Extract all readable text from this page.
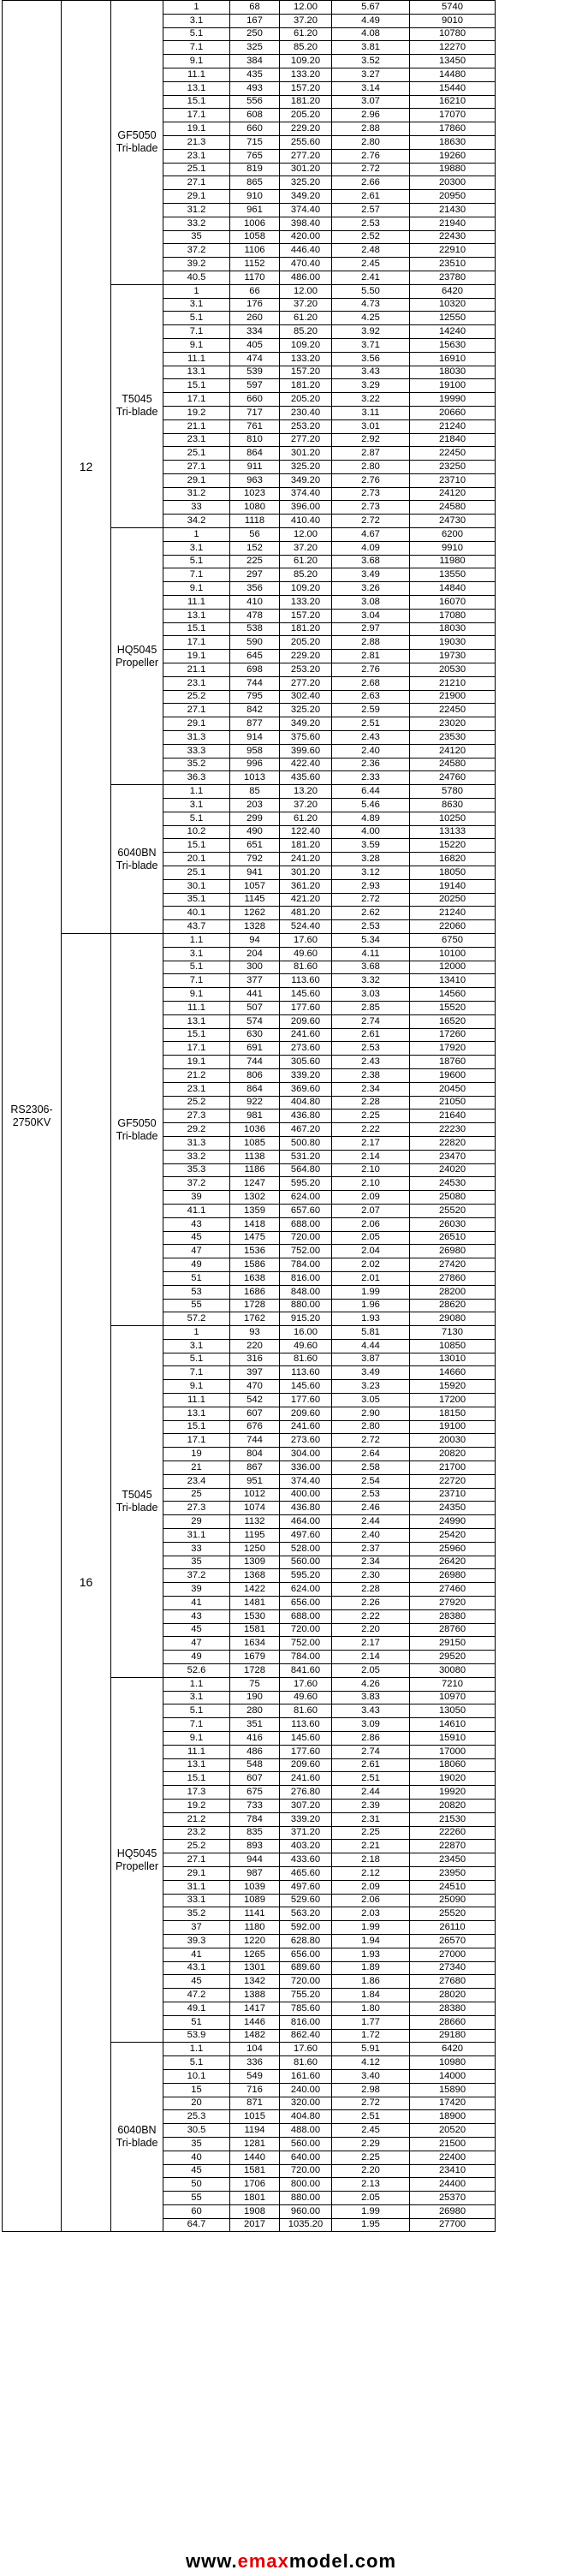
RS2306-
2750KV	12	GF5050
Tri-blade	1	68	12.00	5.67	5740
			3.1	167	37.20	4.49	9010
			5.1	250	61.20	4.08	10780
			7.1	325	85.20	3.81	12270
			9.1	384	109.20	3.52	13450
			11.1	435	133.20	3.27	14480
			13.1	493	157.20	3.14	15440
			15.1	556	181.20	3.07	16210
			17.1	608	205.20	2.96	17070
			19.1	660	229.20	2.88	17860
			21.3	715	255.60	2.80	18630
			23.1	765	277.20	2.76	19260
			25.1	819	301.20	2.72	19880
			27.1	865	325.20	2.66	20300
			29.1	910	349.20	2.61	20950
			31.2	961	374.40	2.57	21430
			33.2	1006	398.40	2.53	21940
			35	1058	420.00	2.52	22430
			37.2	1106	446.40	2.48	22910
			39.2	1152	470.40	2.45	23510
			40.5	1170	486.00	2.41	23780
		T5045
Tri-blade	1	66	12.00	5.50	6420
			3.1	176	37.20	4.73	10320
			5.1	260	61.20	4.25	12550
			7.1	334	85.20	3.92	14240
			9.1	405	109.20	3.71	15630
			11.1	474	133.20	3.56	16910
			13.1	539	157.20	3.43	18030
			15.1	597	181.20	3.29	19100
			17.1	660	205.20	3.22	19990
			19.2	717	230.40	3.11	20660
			21.1	761	253.20	3.01	21240
			23.1	810	277.20	2.92	21840
			25.1	864	301.20	2.87	22450
			27.1	911	325.20	2.80	23250
			29.1	963	349.20	2.76	23710
			31.2	1023	374.40	2.73	24120
			33	1080	396.00	2.73	24580
			34.2	1118	410.40	2.72	24730
		HQ5045
Propeller	1	56	12.00	4.67	6200
			3.1	152	37.20	4.09	9910
			5.1	225	61.20	3.68	11980
			7.1	297	85.20	3.49	13550
			9.1	356	109.20	3.26	14840
			11.1	410	133.20	3.08	16070
			13.1	478	157.20	3.04	17080
			15.1	538	181.20	2.97	18030
			17.1	590	205.20	2.88	19030
			19.1	645	229.20	2.81	19730
			21.1	698	253.20	2.76	20530
			23.1	744	277.20	2.68	21210
			25.2	795	302.40	2.63	21900
			27.1	842	325.20	2.59	22450
			29.1	877	349.20	2.51	23020
			31.3	914	375.60	2.43	23530
			33.3	958	399.60	2.40	24120
			35.2	996	422.40	2.36	24580
			36.3	1013	435.60	2.33	24760
		6040BN
Tri-blade	1.1	85	13.20	6.44	5780
			3.1	203	37.20	5.46	8630
			5.1	299	61.20	4.89	10250
			10.2	490	122.40	4.00	13133
			15.1	651	181.20	3.59	15220
			20.1	792	241.20	3.28	16820
			25.1	941	301.20	3.12	18050
			30.1	1057	361.20	2.93	19140
			35.1	1145	421.20	2.72	20250
			40.1	1262	481.20	2.62	21240
			43.7	1328	524.40	2.53	22060
	16	GF5050
Tri-blade	1.1	94	17.60	5.34	6750
			3.1	204	49.60	4.11	10100
			5.1	300	81.60	3.68	12000
			7.1	377	113.60	3.32	13410
			9.1	441	145.60	3.03	14560
			11.1	507	177.60	2.85	15520
			13.1	574	209.60	2.74	16520
			15.1	630	241.60	2.61	17260
			17.1	691	273.60	2.53	17920
			19.1	744	305.60	2.43	18760
			21.2	806	339.20	2.38	19600
			23.1	864	369.60	2.34	20450
			25.2	922	404.80	2.28	21050
			27.3	981	436.80	2.25	21640
			29.2	1036	467.20	2.22	22230
			31.3	1085	500.80	2.17	22820
			33.2	1138	531.20	2.14	23470
			35.3	1186	564.80	2.10	24020
			37.2	1247	595.20	2.10	24530
			39	1302	624.00	2.09	25080
			41.1	1359	657.60	2.07	25520
			43	1418	688.00	2.06	26030
			45	1475	720.00	2.05	26510
			47	1536	752.00	2.04	26980
			49	1586	784.00	2.02	27420
			51	1638	816.00	2.01	27860
			53	1686	848.00	1.99	28200
			55	1728	880.00	1.96	28620
			57.2	1762	915.20	1.93	29080
		T5045
Tri-blade	1	93	16.00	5.81	7130
			3.1	220	49.60	4.44	10850
			5.1	316	81.60	3.87	13010
			7.1	397	113.60	3.49	14660
			9.1	470	145.60	3.23	15920
			11.1	542	177.60	3.05	17200
			13.1	607	209.60	2.90	18150
			15.1	676	241.60	2.80	19100
			17.1	744	273.60	2.72	20030
			19	804	304.00	2.64	20820
			21	867	336.00	2.58	21700
			23.4	951	374.40	2.54	22720
			25	1012	400.00	2.53	23710
			27.3	1074	436.80	2.46	24350
			29	1132	464.00	2.44	24990
			31.1	1195	497.60	2.40	25420
			33	1250	528.00	2.37	25960
			35	1309	560.00	2.34	26420
			37.2	1368	595.20	2.30	26980
			39	1422	624.00	2.28	27460
			41	1481	656.00	2.26	27920
			43	1530	688.00	2.22	28380
			45	1581	720.00	2.20	28760
			47	1634	752.00	2.17	29150
			49	1679	784.00	2.14	29520
			52.6	1728	841.60	2.05	30080
		HQ5045
Propeller	1.1	75	17.60	4.26	7210
			3.1	190	49.60	3.83	10970
			5.1	280	81.60	3.43	13050
			7.1	351	113.60	3.09	14610
			9.1	416	145.60	2.86	15910
			11.1	486	177.60	2.74	17000
			13.1	548	209.60	2.61	18060
			15.1	607	241.60	2.51	19020
			17.3	675	276.80	2.44	19920
			19.2	733	307.20	2.39	20820
			21.2	784	339.20	2.31	21530
			23.2	835	371.20	2.25	22260
			25.2	893	403.20	2.21	22870
			27.1	944	433.60	2.18	23450
			29.1	987	465.60	2.12	23950
			31.1	1039	497.60	2.09	24510
			33.1	1089	529.60	2.06	25090
			35.2	1141	563.20	2.03	25520
			37	1180	592.00	1.99	26110
			39.3	1220	628.80	1.94	26570
			41	1265	656.00	1.93	27000
			43.1	1301	689.60	1.89	27340
			45	1342	720.00	1.86	27680
			47.2	1388	755.20	1.84	28020
			49.1	1417	785.60	1.80	28380
			51	1446	816.00	1.77	28660
			53.9	1482	862.40	1.72	29180
		6040BN
Tri-blade	1.1	104	17.60	5.91	6420
			5.1	336	81.60	4.12	10980
			10.1	549	161.60	3.40	14000
			15	716	240.00	2.98	15890
			20	871	320.00	2.72	17420
			25.3	1015	404.80	2.51	18900
			30.5	1194	488.00	2.45	20520
			35	1281	560.00	2.29	21500
			40	1440	640.00	2.25	22400
			45	1581	720.00	2.20	23410
			50	1706	800.00	2.13	24400
			55	1801	880.00	2.05	25370
			60	1908	960.00	1.99	26980
			64.7	2017	1035.20	1.95	27700
www.emaxmodel.com
